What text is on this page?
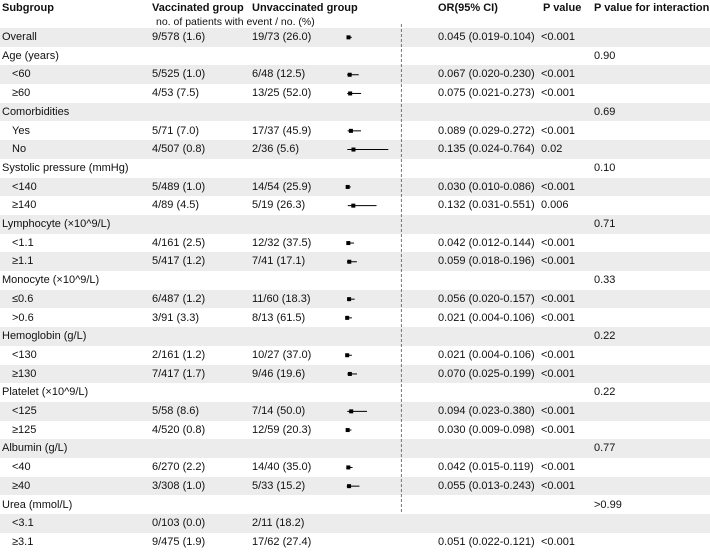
Subgroup	Vaccinated group Unvaccinated group
no. of patients with event / no. (%)
OR(95% CI)	P value P value for interaction
Overall	9/578 (1.6)	19/73 (26.0)	0.045 (0.019-0.104) <0.001
Age (years)	0.90
<60	5/525 (1.0)	6/48 (12.5)	0.067 (0.020-0.230) <0.001
≥60	4/53 (7.5)	13/25 (52.0)	0.075 (0.021-0.273) <0.001
Comorbidities	0.69
Yes	5/71 (7.0)	17/37 (45.9)	0.089 (0.029-0.272) <0.001
No	4/507 (0.8)	2/36 (5.6)	0.135 (0.024-0.764) 0.02
Systolic pressure (mmHg)	0.10
<140	5/489 (1.0)	14/54 (25.9)	0.030 (0.010-0.086) <0.001
≥140	4/89 (4.5)	5/19 (26.3)	0.132 (0.031-0.551) 0.006
Lymphocyte (×10^9/L)	0.71
<1.1	4/161 (2.5)	12/32 (37.5)	0.042 (0.012-0.144) <0.001
≥1.1	5/417 (1.2)	7/41 (17.1)	0.059 (0.018-0.196) <0.001
Monocyte (×10^9/L)	0.33
≤0.6	6/487 (1.2)	11/60 (18.3)	0.056 (0.020-0.157) <0.001
>0.6	3/91 (3.3)	8/13 (61.5)	0.021 (0.004-0.106) <0.001
Hemoglobin (g/L)	0.22
<130	2/161 (1.2)	10/27 (37.0)	0.021 (0.004-0.106) <0.001
≥130	7/417 (1.7)	9/46 (19.6)	0.070 (0.025-0.199) <0.001
Platelet (×10^9/L)	0.22
<125	5/58 (8.6)	7/14 (50.0)	0.094 (0.023-0.380) <0.001
≥125	4/520 (0.8)	12/59 (20.3)	0.030 (0.009-0.098) <0.001
Albumin (g/L)	0.77
<40	6/270 (2.2)	14/40 (35.0)	0.042 (0.015-0.119) <0.001
≥40	3/308 (1.0)	5/33 (15.2)	0.055 (0.013-0.243) <0.001
Urea (mmol/L)	>0.99
<3.1	0/103 (0.0)	2/11 (18.2)
≥3.1	9/475 (1.9)	17/62 (27.4)	0.051 (0.022-0.121) <0.001
